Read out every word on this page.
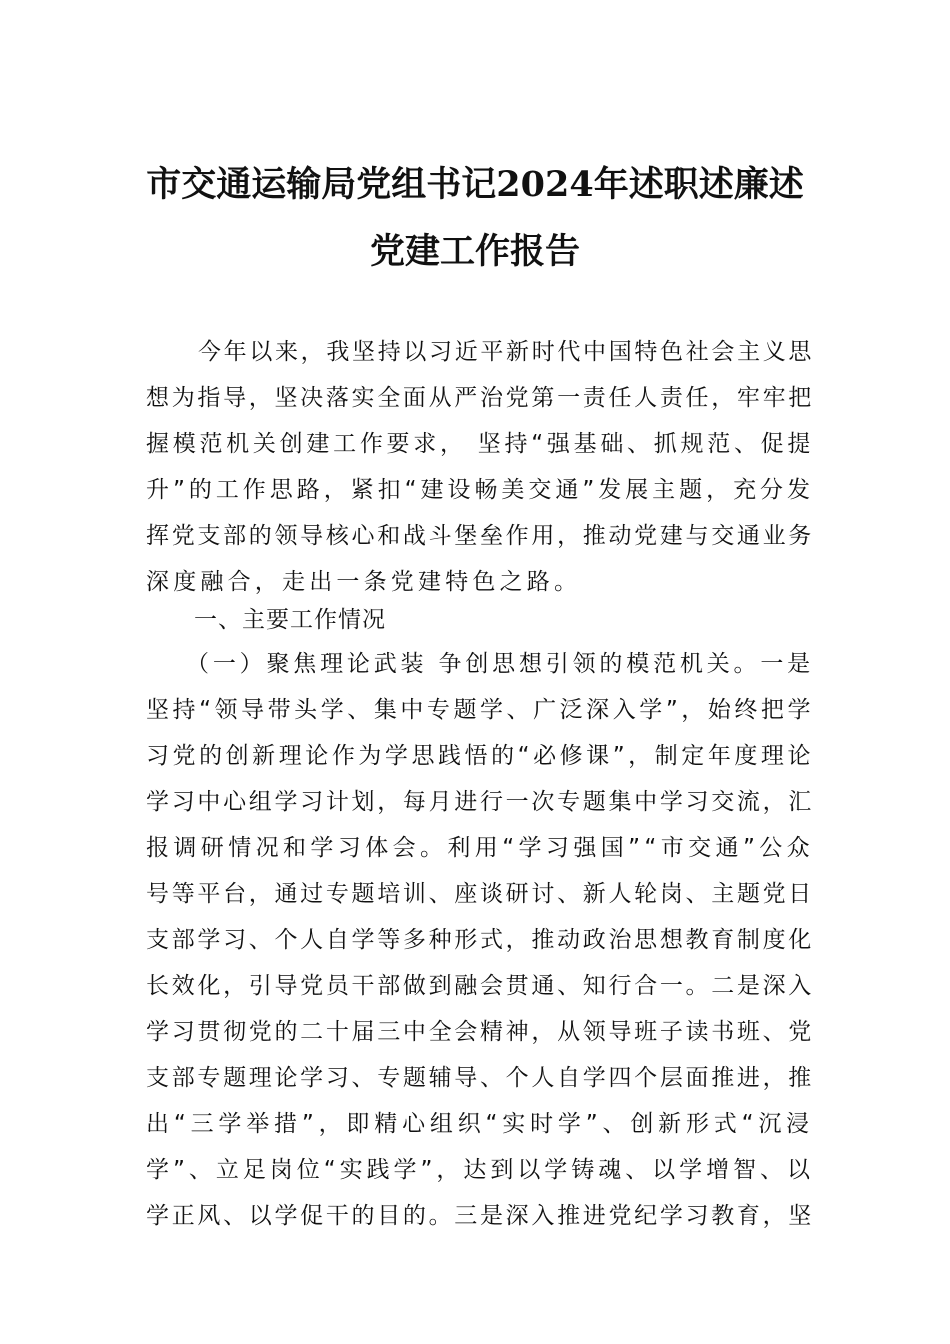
市交通运输局党组书记2024年述职述廉述
党建工作报告
今年以来，我坚持以习近平新时代中国特色社会主义思
想为指导，坚决落实全面从严治党第一责任人责任，牢牢把
握模范机关创建工作要求， 坚持“强基础、抓规范、促提
升”的工作思路，紧扣“建设畅美交通”发展主题，充分发
挥党支部的领导核心和战斗堡垒作用，推动党建与交通业务
深度融合，走出一条党建特色之路。
一、主要工作情况
（一）聚焦理论武装 争创思想引领的模范机关。一是
坚持“领导带头学、集中专题学、广泛深入学”，始终把学
习党的创新理论作为学思践悟的“必修课”，制定年度理论
学习中心组学习计划，每月进行一次专题集中学习交流，汇
报调研情况和学习体会。利用“学习强国”“市交通”公众
号等平台，通过专题培训、座谈研讨、新人轮岗、主题党日
支部学习、个人自学等多种形式，推动政治思想教育制度化
长效化，引导党员干部做到融会贯通、知行合一。二是深入
学习贯彻党的二十届三中全会精神，从领导班子读书班、党
支部专题理论学习、专题辅导、个人自学四个层面推进，推
出“三学举措”，即精心组织“实时学”、创新形式“沉浸
学”、立足岗位“实践学”，达到以学铸魂、以学增智、以
学正风、以学促干的目的。三是深入推进党纪学习教育，坚
